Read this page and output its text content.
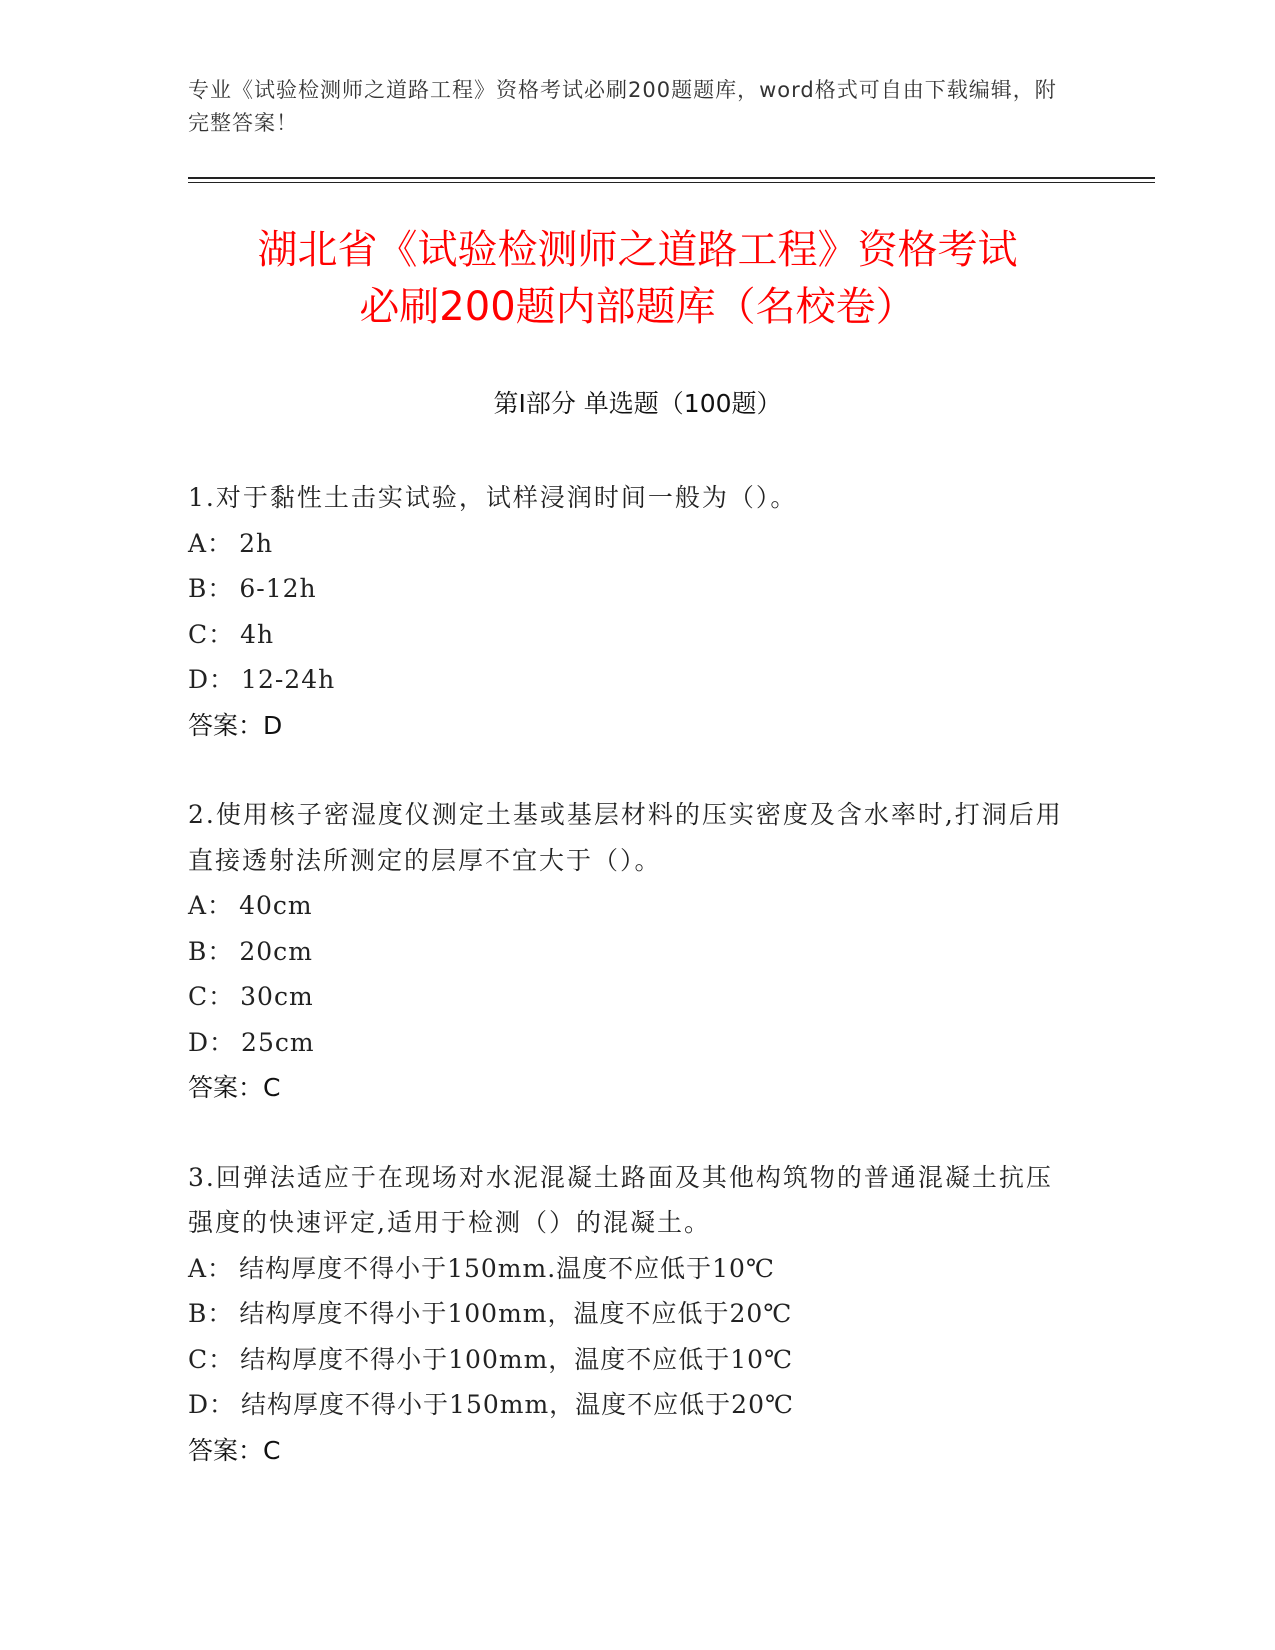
专业《试验检测师之道路工程》资格考试必刷200题题库，word格式可自由下载编辑，附完整答案！
湖北省《试验检测师之道路工程》资格考试
必刷200题内部题库（名校卷）
第Ⅰ部分 单选题（100题）

1.对于黏性土击实试验，试样浸润时间一般为（）。

A： 2h

B： 6-12h

C： 4h

D： 12-24h

答案：D

2.使用核子密湿度仪测定土基或基层材料的压实密度及含水率时,打洞后用直接透射法所测定的层厚不宜大于（）。

A： 40cm

B： 20cm

C： 30cm

D： 25cm

答案：C

3.回弹法适应于在现场对水泥混凝土路面及其他构筑物的普通混凝土抗压强度的快速评定,适用于检测（）的混凝土。

A： 结构厚度不得小于150mm.温度不应低于10℃

B： 结构厚度不得小于100mm，温度不应低于20℃

C： 结构厚度不得小于100mm，温度不应低于10℃

D： 结构厚度不得小于150mm，温度不应低于20℃

答案：C
